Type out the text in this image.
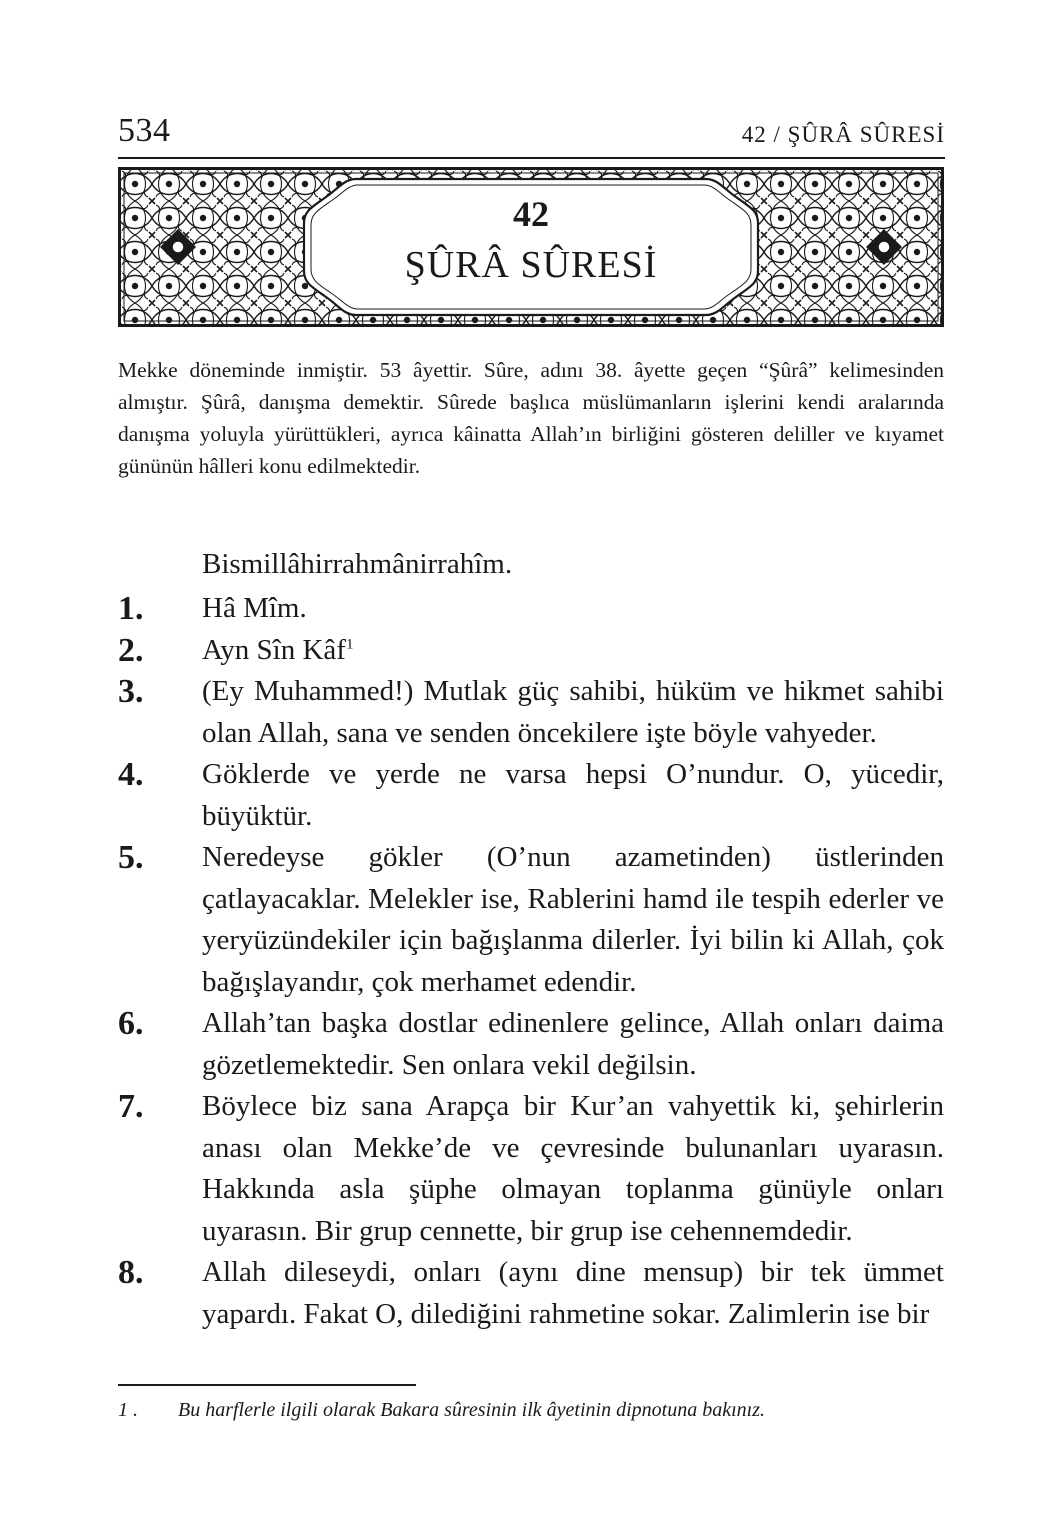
534	42 / ŞÛRÂ SÛRESİ
42
ŞÛRÂ SÛRESİ

Mekke döneminde inmiştir. 53 âyettir. Sûre, adını 38. âyette geçen “Şûrâ” kelimesinden almıştır. Şûrâ, danışma demektir. Sûrede başlıca müslümanların işlerini kendi aralarında danışma yoluyla yürüttükleri, ayrıca kâinatta Allah’ın birliğini gösteren deliller ve kıyamet gününün hâlleri konu edilmektedir.

Bismillâhirrahmânirrahîm.
1. Hâ Mîm.
2. Ayn Sîn Kâf$^1$
3. (Ey Muhammed!) Mutlak güç sahibi, hüküm ve hikmet sahibi olan Allah, sana ve senden öncekilere işte böyle vahyeder.
4. Göklerde ve yerde ne varsa hepsi O’nundur. O, yücedir, büyüktür.
5. Neredeyse gökler (O’nun azametinden) üstlerinden çatlayacaklar. Melekler ise, Rablerini hamd ile tespih ederler ve yeryüzündekiler için bağışlanma dilerler. İyi bilin ki Allah, çok bağışlayandır, çok merhamet edendir.
6. Allah’tan başka dostlar edinenlere gelince, Allah onları daima gözetlemektedir. Sen onlara vekil değilsin.
7. Böylece biz sana Arapça bir Kur’an vahyettik ki, şehirlerin anası olan Mekke’de ve çevresinde bulunanları uyarasın. Hakkında asla şüphe olmayan toplanma günüyle onları uyarasın. Bir grup cennette, bir grup ise cehennemdedir.
8. Allah dileseydi, onları (aynı dine mensup) bir tek ümmet yapardı. Fakat O, dilediğini rahmetine sokar. Zalimlerin ise bir
1 . Bu harflerle ilgili olarak Bakara sûresinin ilk âyetinin dipnotuna bakınız.
